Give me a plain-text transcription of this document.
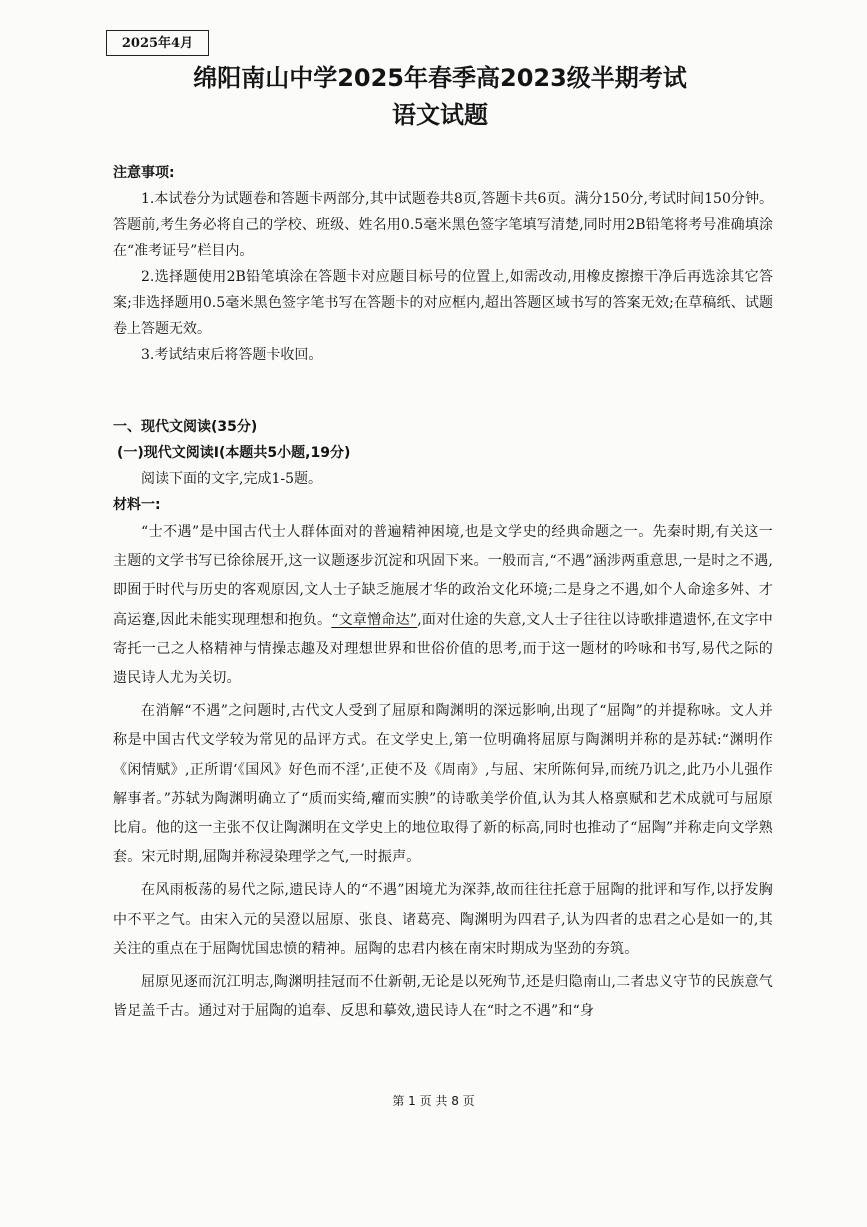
2025年4月
绵阳南山中学2025年春季高2023级半期考试
语文试题
注意事项:

1.本试卷分为试题卷和答题卡两部分,其中试题卷共8页,答题卡共6页。满分150分,考试时间150分钟。答题前,考生务必将自己的学校、班级、姓名用0.5毫米黑色签字笔填写清楚,同时用2B铅笔将考号准确填涂在“准考证号”栏目内。

2.选择题使用2B铅笔填涂在答题卡对应题目标号的位置上,如需改动,用橡皮擦擦干净后再选涂其它答案;非选择题用0.5毫米黑色签字笔书写在答题卡的对应框内,超出答题区域书写的答案无效;在草稿纸、试题卷上答题无效。

3.考试结束后将答题卡收回。

一、现代文阅读(35分)
(一)现代文阅读Ⅰ(本题共5小题,19分)

阅读下面的文字,完成1-5题。

材料一:

“士不遇”是中国古代士人群体面对的普遍精神困境,也是文学史的经典命题之一。先秦时期,有关这一主题的文学书写已徐徐展开,这一议题逐步沉淀和巩固下来。一般而言,“不遇”涵涉两重意思,一是时之不遇,即囿于时代与历史的客观原因,文人士子缺乏施展才华的政治文化环境;二是身之不遇,如个人命途多舛、才高运蹇,因此未能实现理想和抱负。“文章憎命达”,面对仕途的失意,文人士子往往以诗歌排遣遗怀,在文字中寄托一己之人格精神与情操志趣及对理想世界和世俗价值的思考,而于这一题材的吟咏和书写,易代之际的遗民诗人尤为关切。

在消解“不遇”之问题时,古代文人受到了屈原和陶渊明的深远影响,出现了“屈陶”的并提称咏。文人并称是中国古代文学较为常见的品评方式。在文学史上,第一位明确将屈原与陶渊明并称的是苏轼:“渊明作《闲情赋》,正所谓‘《国风》好色而不淫’,正使不及《周南》,与屈、宋所陈何异,而统乃讥之,此乃小儿强作解事者。”苏轼为陶渊明确立了“质而实绮,癯而实腴”的诗歌美学价值,认为其人格禀赋和艺术成就可与屈原比肩。他的这一主张不仅让陶渊明在文学史上的地位取得了新的标高,同时也推动了“屈陶”并称走向文学熟套。宋元时期,屈陶并称浸染理学之气,一时振声。

在风雨板荡的易代之际,遗民诗人的“不遇”困境尤为深莽,故而往往托意于屈陶的批评和写作,以抒发胸中不平之气。由宋入元的吴澄以屈原、张良、诸葛亮、陶渊明为四君子,认为四者的忠君之心是如一的,其关注的重点在于屈陶忧国忠愤的精神。屈陶的忠君内核在南宋时期成为坚劲的夯筑。

屈原见逐而沉江明志,陶渊明挂冠而不仕新朝,无论是以死殉节,还是归隐南山,二者忠义守节的民族意气皆足盖千古。通过对于屈陶的追奉、反思和摹效,遗民诗人在“时之不遇”和“身

第 1 页 共 8 页
